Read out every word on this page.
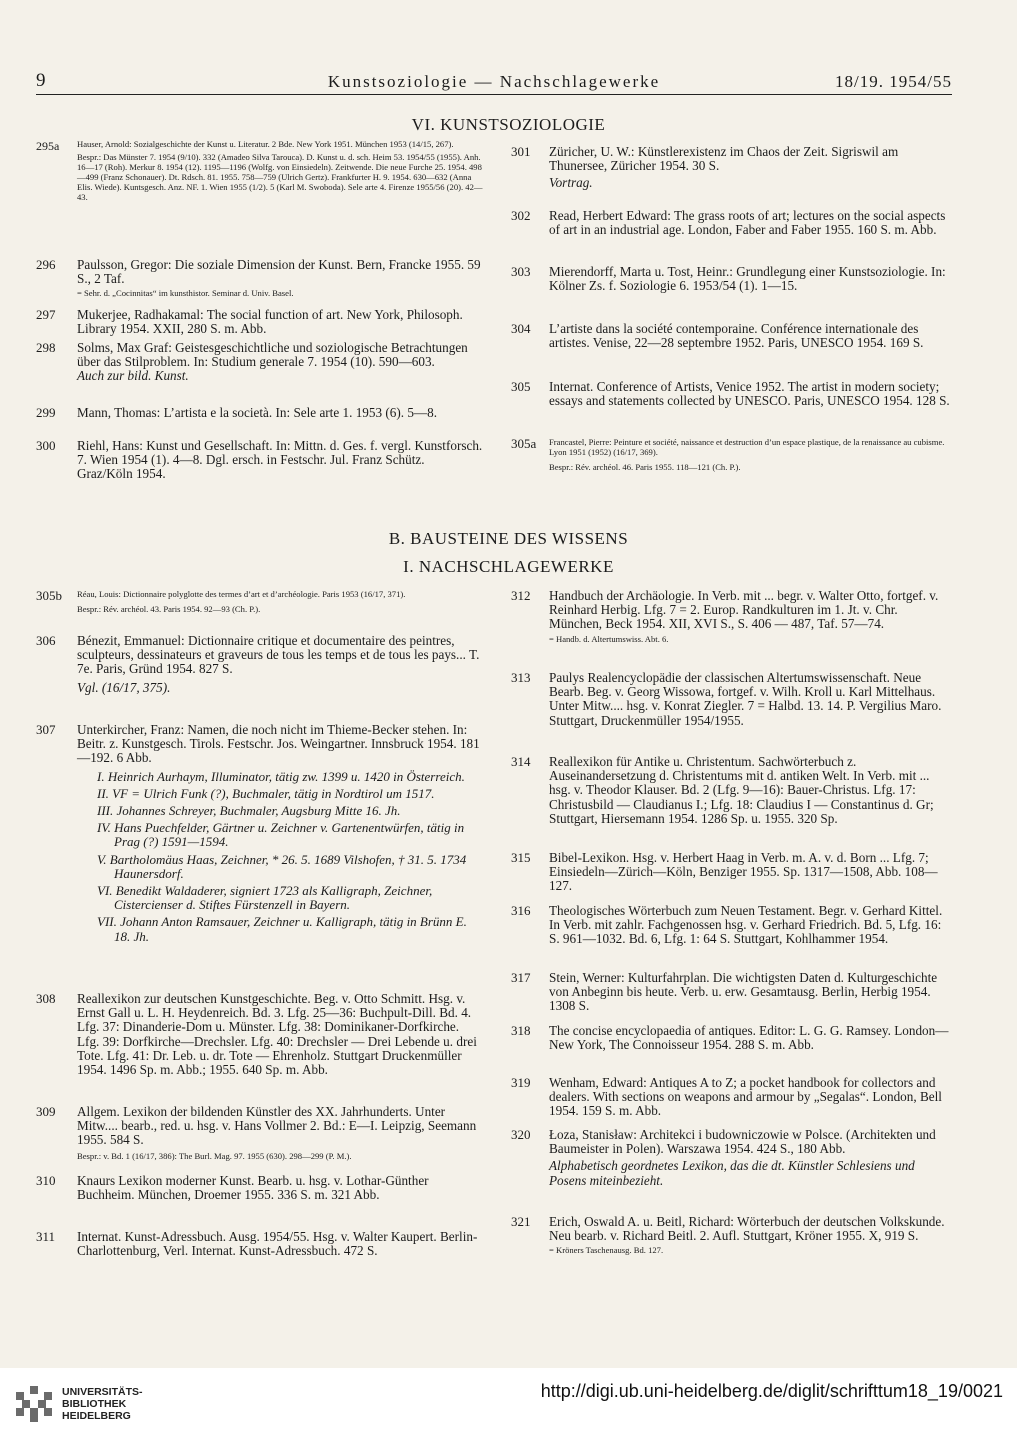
9	Kunstsoziologie — Nachschlagewerke	18/19. 1954/55
VI. KUNSTSOZIOLOGIE
295a Hauser, Arnold: Sozialgeschichte der Kunst u. Literatur. 2 Bde. New York 1951. München 1953 (14/15, 267).
Bespr.: Das Münster 7. 1954 (9/10). 332 (Amadeo Silva Tarouca). D. Kunst u. d. sch. Heim 53. 1954/55 (1955). Anh. 16—17 (Roh). Merkur 8. 1954 (12). 1195—1196 (Wolfg. von Einsiedeln). Zeitwende. Die neue Furche 25. 1954. 498—499 (Franz Schonauer). Dt. Rdsch. 81. 1955. 758—759 (Ulrich Gertz). Frankfurter H. 9. 1954. 630—632 (Anna Elis. Wiede). Kuntsgesch. Anz. NF. 1. Wien 1955 (1/2). 5 (Karl M. Swoboda). Sele arte 4. Firenze 1955/56 (20). 42—43.
296 Paulsson, Gregor: Die soziale Dimension der Kunst. Bern, Francke 1955. 59 S., 2 Taf.
= Sehr. d. „Cocinnitas“ im kunsthistor. Seminar d. Univ. Basel.
297 Mukerjee, Radhakamal: The social function of art. New York, Philosoph. Library 1954. XXII, 280 S. m. Abb.
298 Solms, Max Graf: Geistesgeschichtliche und soziologische Betrachtungen über das Stilproblem. In: Studium generale 7. 1954 (10). 590—603.
Auch zur bild. Kunst.
299 Mann, Thomas: L’artista e la società. In: Sele arte 1. 1953 (6). 5—8.
300 Riehl, Hans: Kunst und Gesellschaft. In: Mittn. d. Ges. f. vergl. Kunstforsch. 7. Wien 1954 (1). 4—8. Dgl. ersch. in Festschr. Jul. Franz Schütz. Graz/Köln 1954.
301 Züricher, U. W.: Künstlerexistenz im Chaos der Zeit. Sigriswil am Thunersee, Züricher 1954. 30 S.
Vortrag.
302 Read, Herbert Edward: The grass roots of art; lectures on the social aspects of art in an industrial age. London, Faber and Faber 1955. 160 S. m. Abb.
303 Mierendorff, Marta u. Tost, Heinr.: Grundlegung einer Kunstsoziologie. In: Kölner Zs. f. Soziologie 6. 1953/54 (1). 1—15.
304 L’artiste dans la société contemporaine. Conférence internationale des artistes. Venise, 22—28 septembre 1952. Paris, UNESCO 1954. 169 S.
305 Internat. Conference of Artists, Venice 1952. The artist in modern society; essays and statements collected by UNESCO. Paris, UNESCO 1954. 128 S.
305a Francastel, Pierre: Peinture et société, naissance et destruction d’un espace plastique, de la renaissance au cubisme. Lyon 1951 (1952) (16/17, 369).
Bespr.: Rév. archéol. 46. Paris 1955. 118—121 (Ch. P.).
B. BAUSTEINE DES WISSENS
I. NACHSCHLAGEWERKE
305b Réau, Louis: Dictionnaire polyglotte des termes d’art et d’archéologie. Paris 1953 (16/17, 371).
Bespr.: Rév. archéol. 43. Paris 1954. 92—93 (Ch. P.).
306 Bénezit, Emmanuel: Dictionnaire critique et documentaire des peintres, sculpteurs, dessinateurs et graveurs de tous les temps et de tous les pays... T. 7e. Paris, Gründ 1954. 827 S.
Vgl. (16/17, 375).
307 Unterkircher, Franz: Namen, die noch nicht im Thieme-Becker stehen. In: Beitr. z. Kunstgesch. Tirols. Festschr. Jos. Weingartner. Innsbruck 1954. 181—192. 6 Abb.
I. Heinrich Aurhaym, Illuminator, tätig zw. 1399 u. 1420 in Österreich.
II. VF = Ulrich Funk (?), Buchmaler, tätig in Nordtirol um 1517.
III. Johannes Schreyer, Buchmaler, Augsburg Mitte 16. Jh.
IV. Hans Puechfelder, Gärtner u. Zeichner v. Gartenentwürfen, tätig in Prag (?) 1591—1594.
V. Bartholomäus Haas, Zeichner, * 26. 5. 1689 Vilshofen, † 31. 5. 1734 Haunersdorf.
VI. Benedikt Waldaderer, signiert 1723 als Kalligraph, Zeichner, Cistercienser d. Stiftes Fürstenzell in Bayern.
VII. Johann Anton Ramsauer, Zeichner u. Kalligraph, tätig in Brünn E. 18. Jh.
308 Reallexikon zur deutschen Kunstgeschichte. Beg. v. Otto Schmitt. Hsg. v. Ernst Gall u. L. H. Heydenreich. Bd. 3. Lfg. 25—36: Buchpult-Dill. Bd. 4. Lfg. 37: Dinanderie-Dom u. Münster. Lfg. 38: Dominikaner-Dorfkirche. Lfg. 39: Dorfkirche—Drechsler. Lfg. 40: Drechsler — Drei Lebende u. drei Tote. Lfg. 41: Dr. Leb. u. dr. Tote — Ehrenholz. Stuttgart Druckenmüller 1954. 1496 Sp. m. Abb.; 1955. 640 Sp. m. Abb.
309 Allgem. Lexikon der bildenden Künstler des XX. Jahrhunderts. Unter Mitw.... bearb., red. u. hsg. v. Hans Vollmer 2. Bd.: E—I. Leipzig, Seemann 1955. 584 S.
Bespr.: v. Bd. 1 (16/17, 386): The Burl. Mag. 97. 1955 (630). 298—299 (P. M.).
310 Knaurs Lexikon moderner Kunst. Bearb. u. hsg. v. Lothar-Günther Buchheim. München, Droemer 1955. 336 S. m. 321 Abb.
311 Internat. Kunst-Adressbuch. Ausg. 1954/55. Hsg. v. Walter Kaupert. Berlin-Charlottenburg, Verl. Internat. Kunst-Adressbuch. 472 S.
312 Handbuch der Archäologie. In Verb. mit ... begr. v. Walter Otto, fortgef. v. Reinhard Herbig. Lfg. 7 = 2. Europ. Randkulturen im 1. Jt. v. Chr. München, Beck 1954. XII, XVI S., S. 406 — 487, Taf. 57—74.
= Handb. d. Altertumswiss. Abt. 6.
313 Paulys Realencyclopädie der classischen Altertumswissenschaft. Neue Bearb. Beg. v. Georg Wissowa, fortgef. v. Wilh. Kroll u. Karl Mittelhaus. Unter Mitw.... hsg. v. Konrat Ziegler. 7 = Halbd. 13. 14. P. Vergilius Maro. Stuttgart, Druckenmüller 1954/1955.
314 Reallexikon für Antike u. Christentum. Sachwörterbuch z. Auseinandersetzung d. Christentums mit d. antiken Welt. In Verb. mit ... hsg. v. Theodor Klauser. Bd. 2 (Lfg. 9—16): Bauer-Christus. Lfg. 17: Christusbild — Claudianus I.; Lfg. 18: Claudius I — Constantinus d. Gr; Stuttgart, Hiersemann 1954. 1286 Sp. u. 1955. 320 Sp.
315 Bibel-Lexikon. Hsg. v. Herbert Haag in Verb. m. A. v. d. Born ... Lfg. 7; Einsiedeln—Zürich—Köln, Benziger 1955. Sp. 1317—1508, Abb. 108—127.
316 Theologisches Wörterbuch zum Neuen Testament. Begr. v. Gerhard Kittel. In Verb. mit zahlr. Fachgenossen hsg. v. Gerhard Friedrich. Bd. 5, Lfg. 16: S. 961—1032. Bd. 6, Lfg. 1: 64 S. Stuttgart, Kohlhammer 1954.
317 Stein, Werner: Kulturfahrplan. Die wichtigsten Daten d. Kulturgeschichte von Anbeginn bis heute. Verb. u. erw. Gesamtausg. Berlin, Herbig 1954. 1308 S.
318 The concise encyclopaedia of antiques. Editor: L. G. G. Ramsey. London—New York, The Connoisseur 1954. 288 S. m. Abb.
319 Wenham, Edward: Antiques A to Z; a pocket handbook for collectors and dealers. With sections on weapons and armour by „Segalas“. London, Bell 1954. 159 S. m. Abb.
320 Łoza, Stanisław: Architekci i budowniczowie w Polsce. (Architekten und Baumeister in Polen). Warszawa 1954. 424 S., 180 Abb.
Alphabetisch geordnetes Lexikon, das die dt. Künstler Schlesiens und Posens miteinbezieht.
321 Erich, Oswald A. u. Beitl, Richard: Wörterbuch der deutschen Volkskunde. Neu bearb. v. Richard Beitl. 2. Aufl. Stuttgart, Kröner 1955. X, 919 S.
= Kröners Taschenausg. Bd. 127.
UNIVERSITÄTS-
BIBLIOTHEK
HEIDELBERG
http://digi.ub.uni-heidelberg.de/diglit/schrifttum18_19/0021
